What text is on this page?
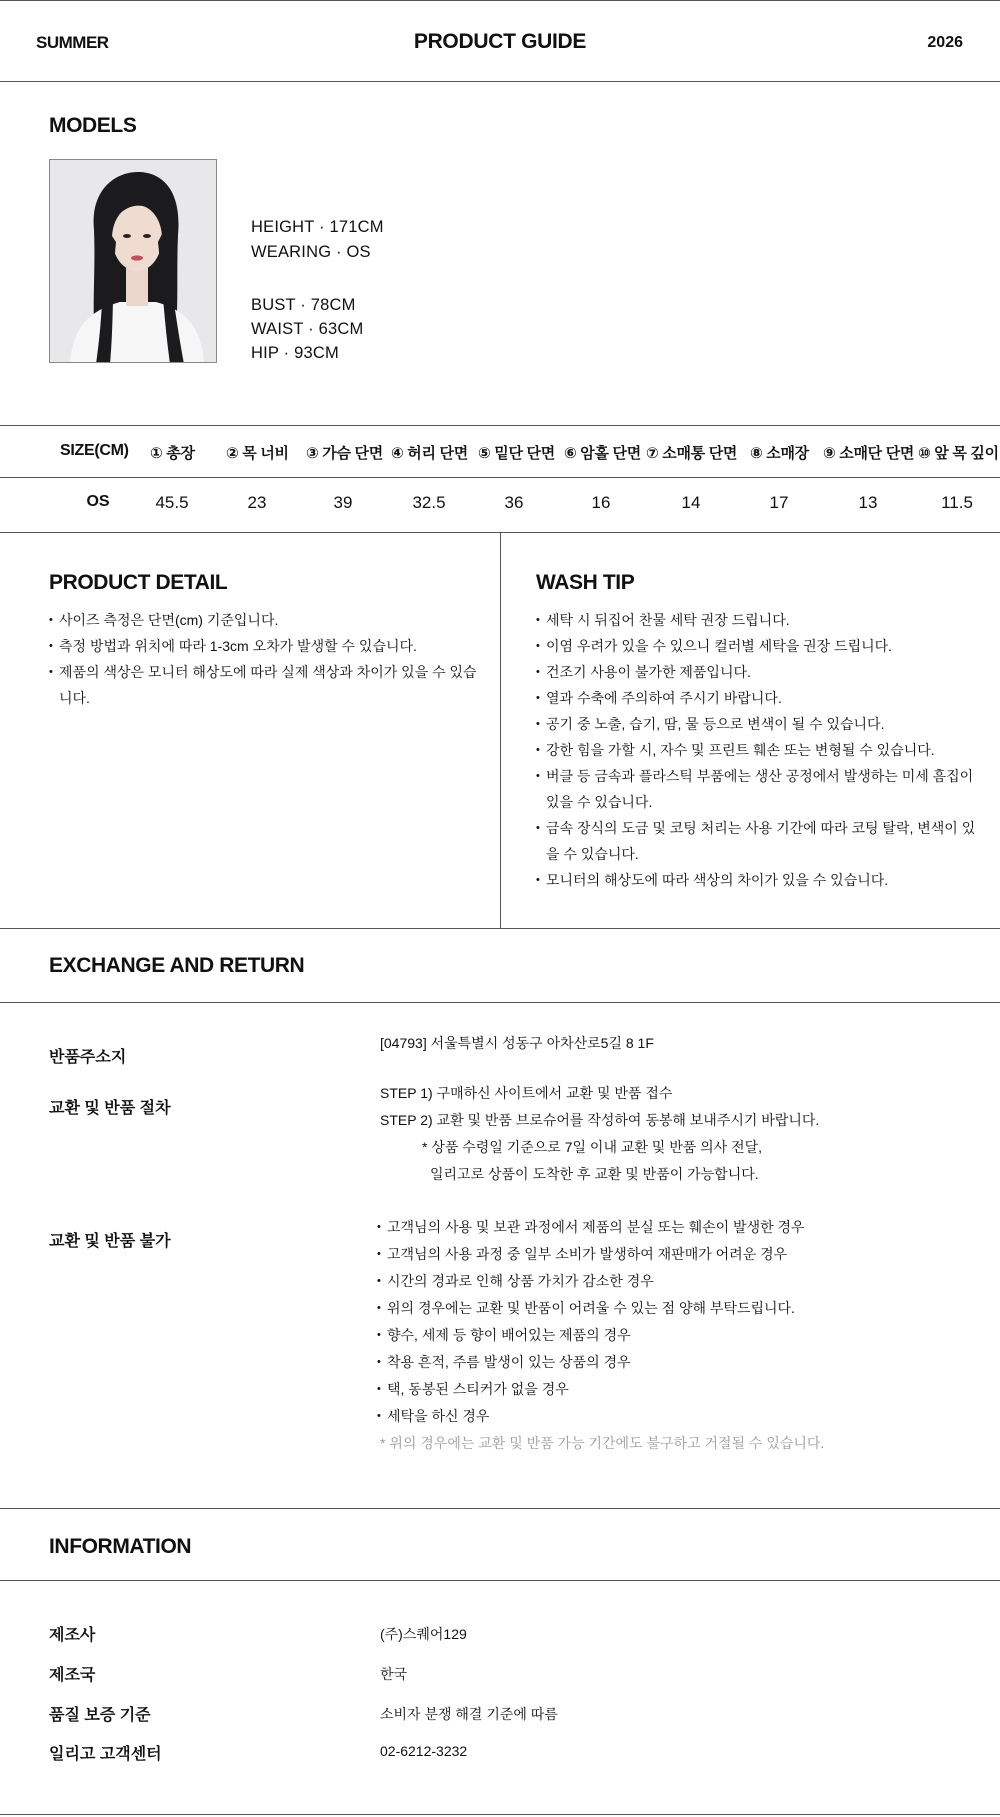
SUMMER	PRODUCT GUIDE	2026
MODELS
HEIGHT · 171CM
WEARING · OS
BUST · 78CM
WAIST · 63CM
HIP · 93CM
SIZE(CM) ① 총장 ② 목 너비 ③ 가슴 단면 ④ 허리 단면 ⑤ 밑단 단면 ⑥ 암홀 단면 ⑦ 소매통 단면 ⑧ 소매장 ⑨ 소매단 단면 ⑩ 앞 목 깊이
OS	45.5	23	39	32.5	36	16	14	17	13	11.5
PRODUCT DETAIL
• 사이즈 측정은 단면(cm) 기준입니다.
• 측정 방법과 위치에 따라 1-3cm 오차가 발생할 수 있습니다.
• 제품의 색상은 모니터 해상도에 따라 실제 색상과 차이가 있을 수 있습니다.
WASH TIP
• 세탁 시 뒤집어 찬물 세탁 권장 드립니다.
• 이염 우려가 있을 수 있으니 컬러별 세탁을 권장 드립니다.
• 건조기 사용이 불가한 제품입니다.
• 열과 수축에 주의하여 주시기 바랍니다.
• 공기 중 노출, 습기, 땀, 물 등으로 변색이 될 수 있습니다.
• 강한 힘을 가할 시, 자수 및 프린트 훼손 또는 변형될 수 있습니다.
• 버클 등 금속과 플라스틱 부품에는 생산 공정에서 발생하는 미세 흠집이 있을 수 있습니다.
• 금속 장식의 도금 및 코팅 처리는 사용 기간에 따라 코팅 탈락, 변색이 있을 수 있습니다.
• 모니터의 해상도에 따라 색상의 차이가 있을 수 있습니다.
EXCHANGE AND RETURN
반품주소지
[04793] 서울특별시 성동구 아차산로5길 8 1F
교환 및 반품 절차
STEP 1) 구매하신 사이트에서 교환 및 반품 접수
STEP 2) 교환 및 반품 브로슈어를 작성하여 동봉해 보내주시기 바랍니다.
* 상품 수령일 기준으로 7일 이내 교환 및 반품 의사 전달,
일리고로 상품이 도착한 후 교환 및 반품이 가능합니다.
교환 및 반품 불가
• 고객님의 사용 및 보관 과정에서 제품의 분실 또는 훼손이 발생한 경우
• 고객님의 사용 과정 중 일부 소비가 발생하여 재판매가 어려운 경우
• 시간의 경과로 인해 상품 가치가 감소한 경우
• 위의 경우에는 교환 및 반품이 어려울 수 있는 점 양해 부탁드립니다.
• 향수, 세제 등 향이 배어있는 제품의 경우
• 착용 흔적, 주름 발생이 있는 상품의 경우
• 택, 동봉된 스티커가 없을 경우
• 세탁을 하신 경우
* 위의 경우에는 교환 및 반품 가능 기간에도 불구하고 거절될 수 있습니다.
INFORMATION
제조사	(주)스퀘어129
제조국	한국
품질 보증 기준	소비자 분쟁 해결 기준에 따름
일리고 고객센터	02-6212-3232
